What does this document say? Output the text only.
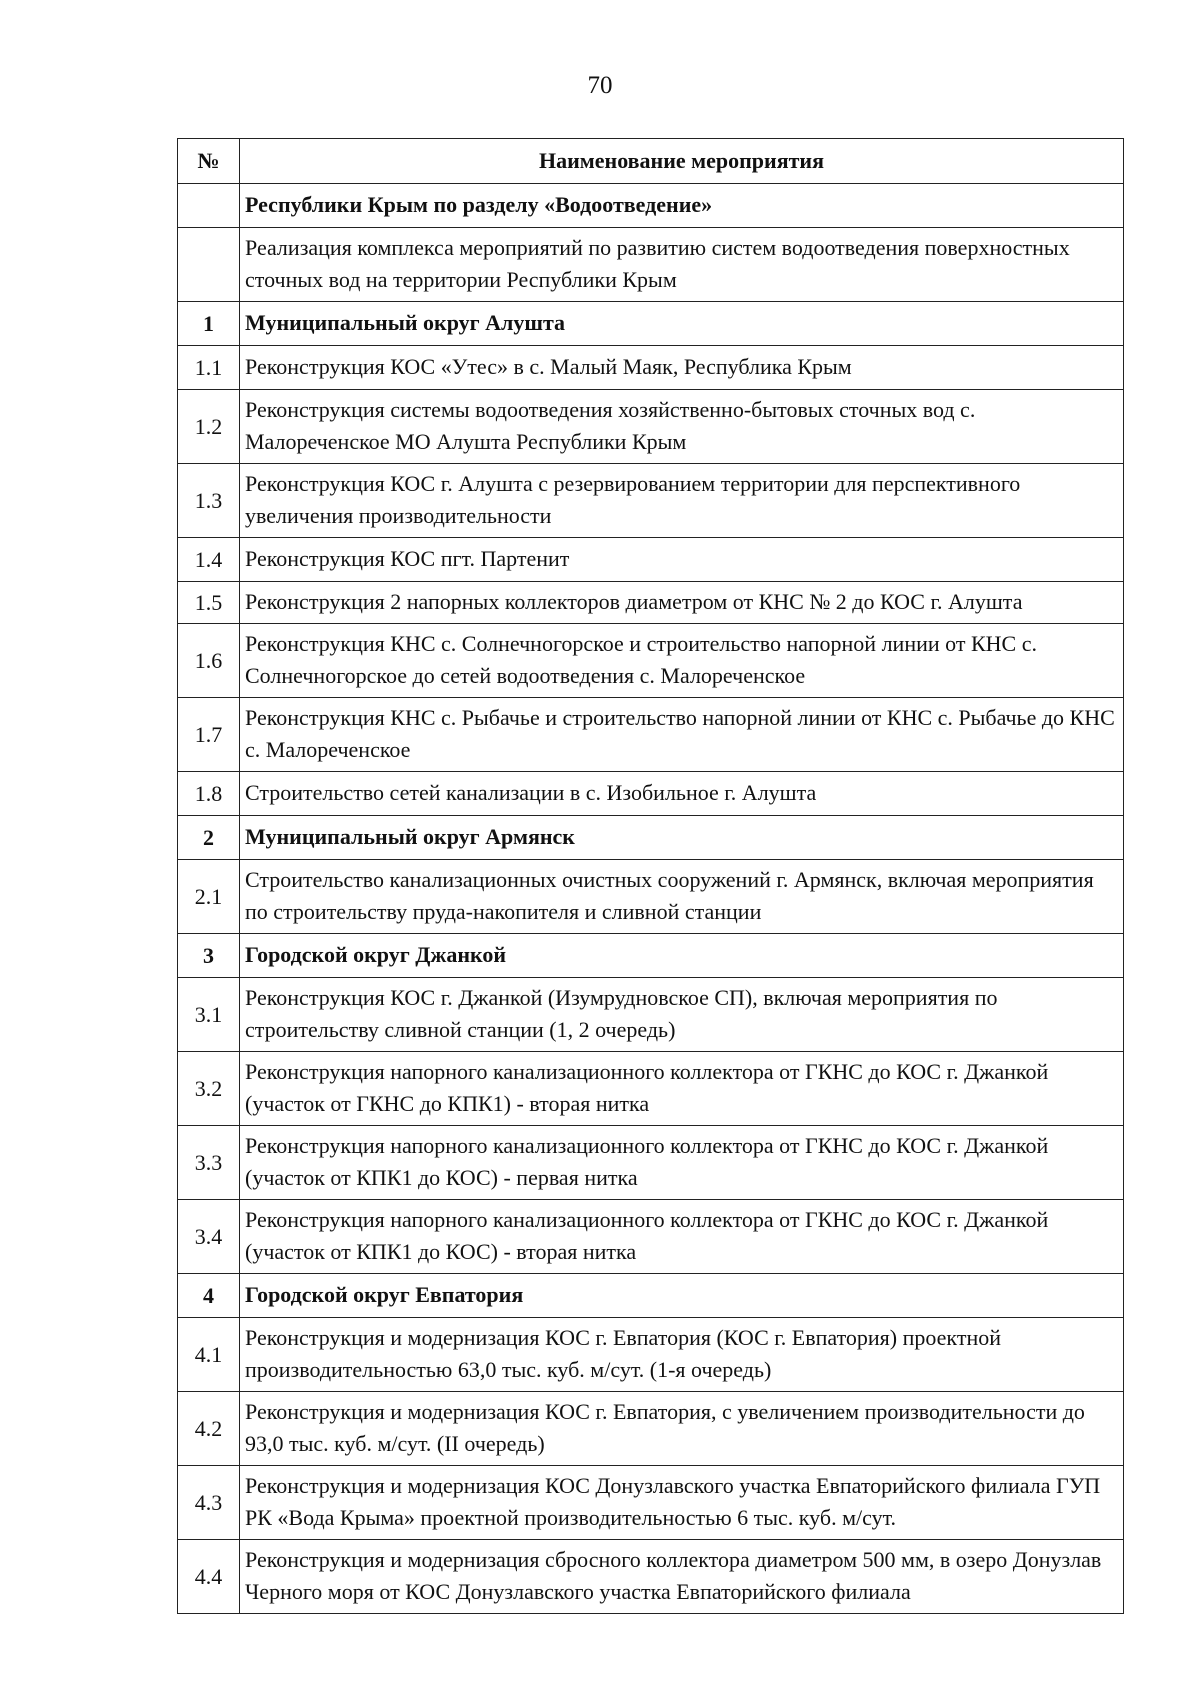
70
№	Наименование мероприятия
	Республики Крым по разделу «Водоотведение»
	Реализация комплекса мероприятий по развитию систем водоотведения поверхностных сточных вод на территории Республики Крым
1	Муниципальный округ Алушта
1.1	Реконструкция КОС «Утес» в с. Малый Маяк, Республика Крым
1.2	Реконструкция системы водоотведения хозяйственно-бытовых сточных вод с. Малореченское МО Алушта Республики Крым
1.3	Реконструкция КОС г. Алушта с резервированием территории для перспективного увеличения производительности
1.4	Реконструкция КОС пгт. Партенит
1.5	Реконструкция 2 напорных коллекторов диаметром от КНС № 2 до КОС г. Алушта
1.6	Реконструкция КНС с. Солнечногорское и строительство напорной линии от КНС с. Солнечногорское до сетей водоотведения с. Малореченское
1.7	Реконструкция КНС с. Рыбачье и строительство напорной линии от КНС с. Рыбачье до КНС с. Малореченское
1.8	Строительство сетей канализации в с. Изобильное г. Алушта
2	Муниципальный округ Армянск
2.1	Строительство канализационных очистных сооружений г. Армянск, включая мероприятия по строительству пруда-накопителя и сливной станции
3	Городской округ Джанкой
3.1	Реконструкция КОС г. Джанкой (Изумрудновское СП), включая мероприятия по строительству сливной станции (1, 2 очередь)
3.2	Реконструкция напорного канализационного коллектора от ГКНС до КОС г. Джанкой (участок от ГКНС до КПК1) - вторая нитка
3.3	Реконструкция напорного канализационного коллектора от ГКНС до КОС г. Джанкой (участок от КПК1 до КОС) - первая нитка
3.4	Реконструкция напорного канализационного коллектора от ГКНС до КОС г. Джанкой (участок от КПК1 до КОС) - вторая нитка
4	Городской округ Евпатория
4.1	Реконструкция и модернизация КОС г. Евпатория (КОС г. Евпатория) проектной производительностью 63,0 тыс. куб. м/сут. (1-я очередь)
4.2	Реконструкция и модернизация КОС г. Евпатория, с увеличением производительности до 93,0 тыс. куб. м/сут. (II очередь)
4.3	Реконструкция и модернизация КОС Донузлавского участка Евпаторийского филиала ГУП РК «Вода Крыма» проектной производительностью 6 тыс. куб. м/сут.
4.4	Реконструкция и модернизация сбросного коллектора диаметром 500 мм, в озеро Донузлав Черного моря от КОС Донузлавского участка Евпаторийского филиала
